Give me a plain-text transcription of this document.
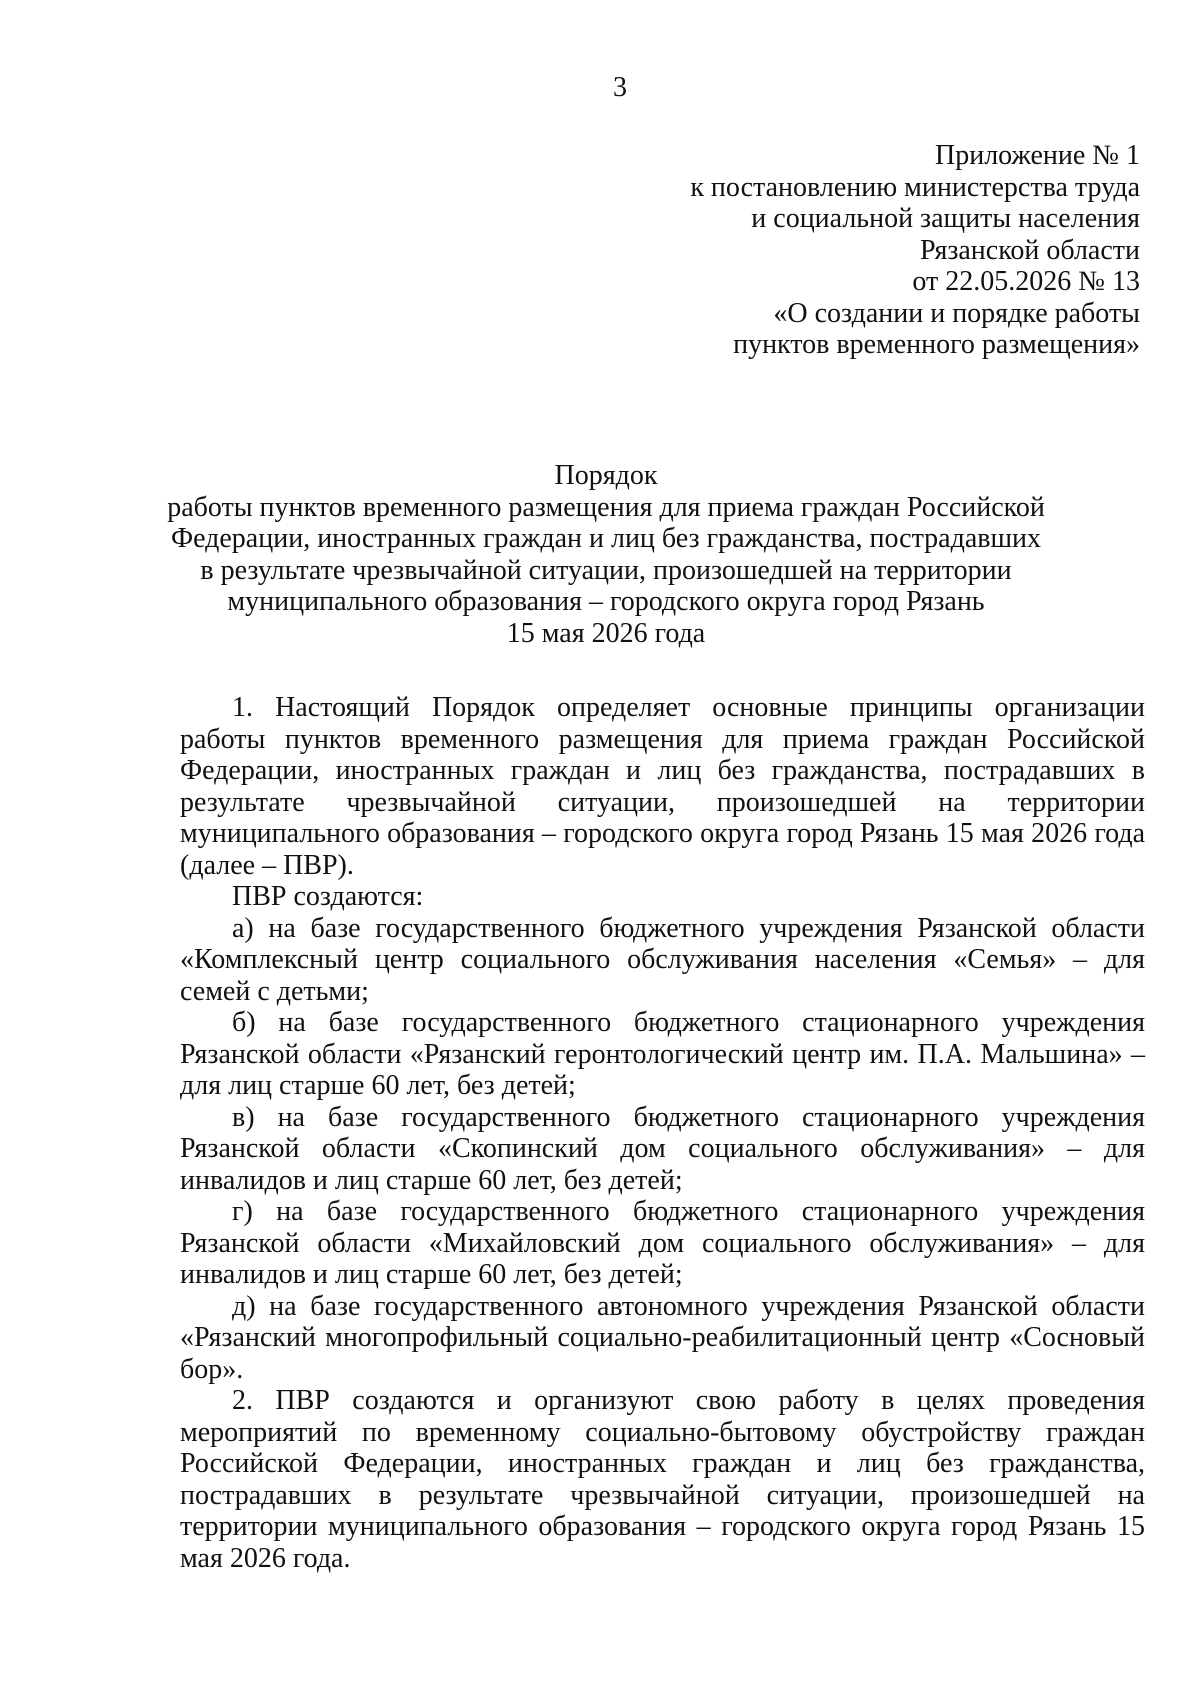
3
Приложение № 1
к постановлению министерства труда
и социальной защиты населения
Рязанской области
от 22.05.2026 № 13
«О создании и порядке работы
пунктов временного размещения»
Порядок
работы пунктов временного размещения для приема граждан Российской
Федерации, иностранных граждан и лиц без гражданства, пострадавших
в результате чрезвычайной ситуации, произошедшей на территории
муниципального образования – городского округа город Рязань
15 мая 2026 года

1. Настоящий Порядок определяет основные принципы организации работы пунктов временного размещения для приема граждан Российской Федерации, иностранных граждан и лиц без гражданства, пострадавших в результате чрезвычайной ситуации, произошедшей на территории муниципального образования – городского округа город Рязань 15 мая 2026 года (далее – ПВР).

ПВР создаются:

а) на базе государственного бюджетного учреждения Рязанской области «Комплексный центр социального обслуживания населения «Семья» – для семей с детьми;

б) на базе государственного бюджетного стационарного учреждения Рязанской области «Рязанский геронтологический центр им. П.А. Мальшина» – для лиц старше 60 лет, без детей;

в) на базе государственного бюджетного стационарного учреждения Рязанской области «Скопинский дом социального обслуживания» – для инвалидов и лиц старше 60 лет, без детей;

г) на базе государственного бюджетного стационарного учреждения Рязанской области «Михайловский дом социального обслуживания» – для инвалидов и лиц старше 60 лет, без детей;

д) на базе государственного автономного учреждения Рязанской области «Рязанский многопрофильный социально-реабилитационный центр «Сосновый бор».

2. ПВР создаются и организуют свою работу в целях проведения мероприятий по временному социально-бытовому обустройству граждан Российской Федерации, иностранных граждан и лиц без гражданства, пострадавших в результате чрезвычайной ситуации, произошедшей на территории муниципального образования – городского округа город Рязань 15 мая 2026 года.
